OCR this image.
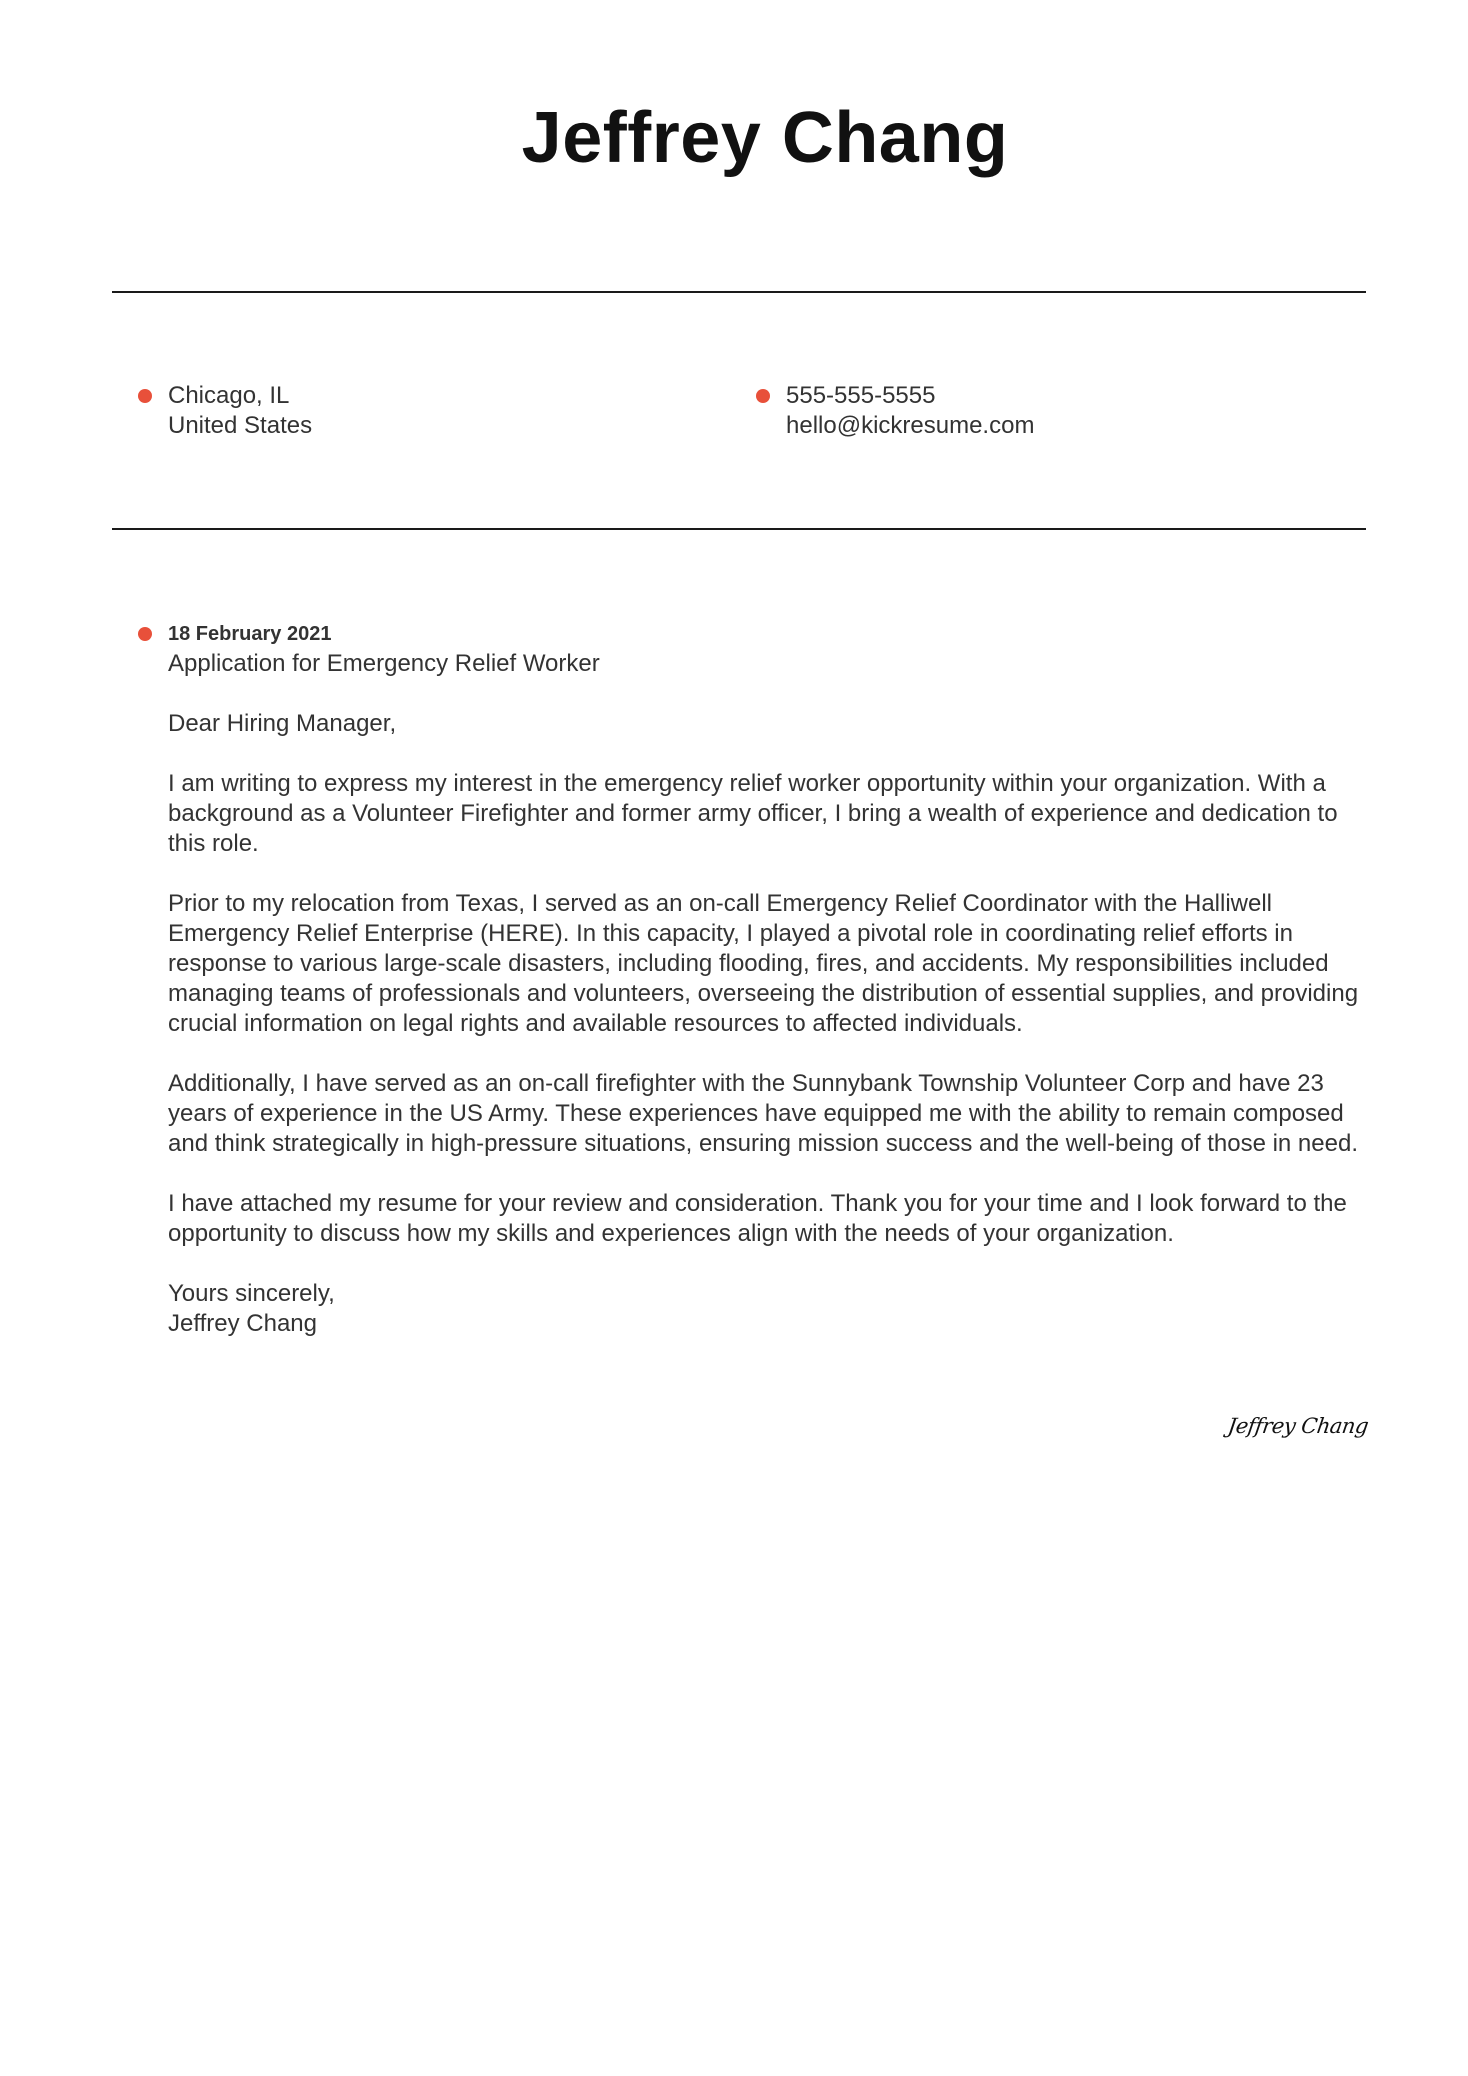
Jeffrey Chang
Chicago, IL
United States
555-555-5555
hello@kickresume.com
18 February 2021

Application for Emergency Relief Worker

Dear Hiring Manager,

I am writing to express my interest in the emergency relief worker opportunity within your organization. With a background as a Volunteer Firefighter and former army officer, I bring a wealth of experience and dedication to this role.

Prior to my relocation from Texas, I served as an on-call Emergency Relief Coordinator with the Halliwell Emergency Relief Enterprise (HERE). In this capacity, I played a pivotal role in coordinating relief efforts in response to various large-scale disasters, including flooding, fires, and accidents. My responsibilities included managing teams of professionals and volunteers, overseeing the distribution of essential supplies, and providing crucial information on legal rights and available resources to affected individuals.

Additionally, I have served as an on-call firefighter with the Sunnybank Township Volunteer Corp and have 23 years of experience in the US Army. These experiences have equipped me with the ability to remain composed and think strategically in high-pressure situations, ensuring mission success and the well-being of those in need.

I have attached my resume for your review and consideration. Thank you for your time and I look forward to the opportunity to discuss how my skills and experiences align with the needs of your organization.

Yours sincerely,
Jeffrey Chang

Jeffrey Chang
